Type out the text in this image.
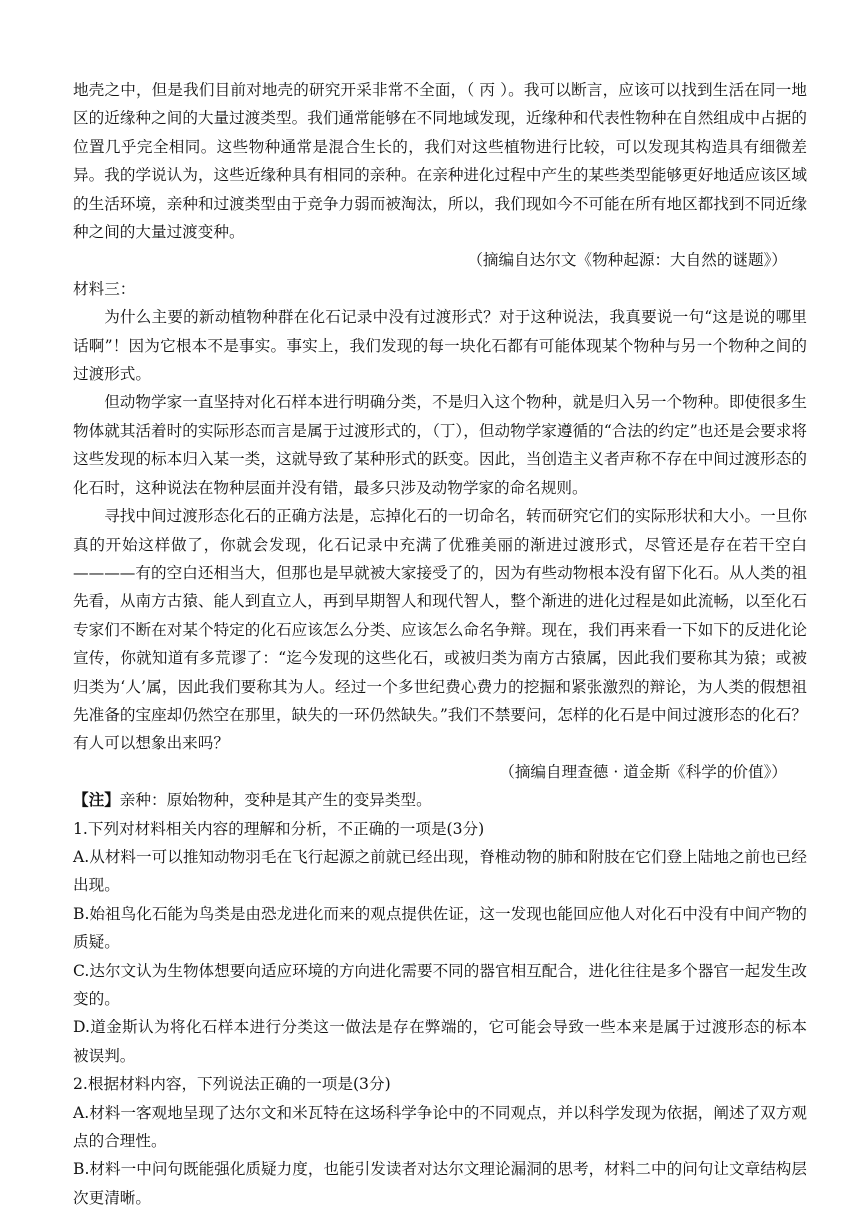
地壳之中，但是我们目前对地壳的研究开采非常不全面，（ 丙 ）。我可以断言，应该可以找到生活在同一地区的近缘种之间的大量过渡类型。我们通常能够在不同地域发现，近缘种和代表性物种在自然组成中占据的位置几乎完全相同。这些物种通常是混合生长的，我们对这些植物进行比较，可以发现其构造具有细微差异。我的学说认为，这些近缘种具有相同的亲种。在亲种进化过程中产生的某些类型能够更好地适应该区域的生活环境，亲种和过渡类型由于竞争力弱而被淘汰，所以，我们现如今不可能在所有地区都找到不同近缘种之间的大量过渡变种。

（摘编自达尔文《物种起源：大自然的谜题》）

材料三：

为什么主要的新动植物种群在化石记录中没有过渡形式？对于这种说法，我真要说一句“这是说的哪里话啊”！因为它根本不是事实。事实上，我们发现的每一块化石都有可能体现某个物种与另一个物种之间的过渡形式。

但动物学家一直坚持对化石样本进行明确分类，不是归入这个物种，就是归入另一个物种。即使很多生物体就其活着时的实际形态而言是属于过渡形式的，（丁），但动物学家遵循的“合法的约定”也还是会要求将这些发现的标本归入某一类，这就导致了某种形式的跃变。因此，当创造主义者声称不存在中间过渡形态的化石时，这种说法在物种层面并没有错，最多只涉及动物学家的命名规则。

寻找中间过渡形态化石的正确方法是，忘掉化石的一切命名，转而研究它们的实际形状和大小。一旦你真的开始这样做了，你就会发现，化石记录中充满了优雅美丽的渐进过渡形式，尽管还是存在若干空白————有的空白还相当大，但那也是早就被大家接受了的，因为有些动物根本没有留下化石。从人类的祖先看，从南方古猿、能人到直立人，再到早期智人和现代智人，整个渐进的进化过程是如此流畅，以至化石专家们不断在对某个特定的化石应该怎么分类、应该怎么命名争辩。现在，我们再来看一下如下的反进化论宣传，你就知道有多荒谬了：“迄今发现的这些化石，或被归类为南方古猿属，因此我们要称其为猿；或被归类为‘人’属，因此我们要称其为人。经过一个多世纪费心费力的挖掘和紧张激烈的辩论，为人类的假想祖先准备的宝座却仍然空在那里，缺失的一环仍然缺失。”我们不禁要问，怎样的化石是中间过渡形态的化石？有人可以想象出来吗？

（摘编自理查德 · 道金斯《科学的价值》）

【注】亲种：原始物种，变种是其产生的变异类型。

1.下列对材料相关内容的理解和分析，不正确的一项是(3分)

A.从材料一可以推知动物羽毛在飞行起源之前就已经出现，脊椎动物的肺和附肢在它们登上陆地之前也已经出现。

B.始祖鸟化石能为鸟类是由恐龙进化而来的观点提供佐证，这一发现也能回应他人对化石中没有中间产物的质疑。

C.达尔文认为生物体想要向适应环境的方向进化需要不同的器官相互配合，进化往往是多个器官一起发生改变的。

D.道金斯认为将化石样本进行分类这一做法是存在弊端的，它可能会导致一些本来是属于过渡形态的标本被误判。

2.根据材料内容，下列说法正确的一项是(3分)

A.材料一客观地呈现了达尔文和米瓦特在这场科学争论中的不同观点，并以科学发现为依据，阐述了双方观点的合理性。

B.材料一中问句既能强化质疑力度，也能引发读者对达尔文理论漏洞的思考，材料二中的问句让文章结构层次更清晰。
